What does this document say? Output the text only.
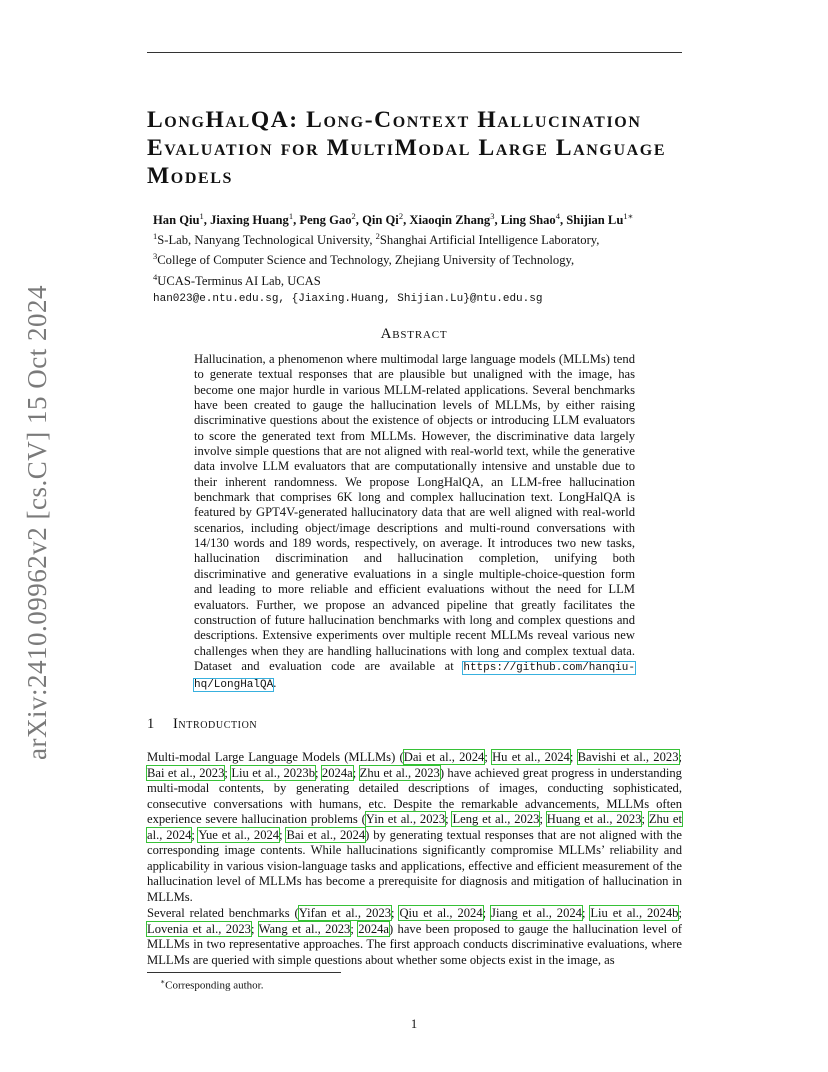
arXiv:2410.09962v2 [cs.CV] 15 Oct 2024
LongHalQA: Long-Context Hallucination Evaluation for MultiModal Large Language Models
Han Qiu$^1$, Jiaxing Huang$^1$, Peng Gao$^2$, Qin Qi$^2$, Xiaoqin Zhang$^3$, Ling Shao$^4$, Shijian $Lu^{1∗}$
$^1$S-Lab, Nanyang Technological University, $^2$Shanghai Artificial Intelligence Laboratory,
$^3$College of Computer Science and Technology, Zhejiang University of Technology,
$^4$UCAS-Terminus AI Lab, UCAS
han023@e.ntu.edu.sg, {Jiaxing.Huang, Shijian.Lu}@ntu.edu.sg
Abstract
Hallucination, a phenomenon where multimodal large language models (MLLMs) tend to generate textual responses that are plausible but unaligned with the image, has become one major hurdle in various MLLM-related applications. Several benchmarks have been created to gauge the hallucination levels of MLLMs, by either raising discriminative questions about the existence of objects or introducing LLM evaluators to score the generated text from MLLMs. However, the discriminative data largely involve simple questions that are not aligned with real-world text, while the generative data involve LLM evaluators that are computationally intensive and unstable due to their inherent randomness. We propose LongHalQA, an LLM-free hallucination benchmark that comprises 6K long and complex hallucination text. LongHalQA is featured by GPT4V-generated hallucinatory data that are well aligned with real-world scenarios, including object/image descriptions and multi-round conversations with 14/130 words and 189 words, respectively, on average. It introduces two new tasks, hallucination discrimination and hallucination completion, unifying both discriminative and generative evaluations in a single multiple-choice-question form and leading to more reliable and efficient evaluations without the need for LLM evaluators. Further, we propose an advanced pipeline that greatly facilitates the construction of future hallucination benchmarks with long and complex questions and descriptions. Extensive experiments over multiple recent MLLMs reveal various new challenges when they are handling hallucinations with long and complex textual data. Dataset and evaluation code are available at https://github.com/hanqiu-hq/LongHalQA.
1 Introduction

Multi-modal Large Language Models (MLLMs) (Dai et al., 2024; Hu et al., 2024; Bavishi et al., 2023; Bai et al., 2023; Liu et al., 2023b; 2024a; Zhu et al., 2023) have achieved great progress in understanding multi-modal contents, by generating detailed descriptions of images, conducting sophisticated, consecutive conversations with humans, etc. Despite the remarkable advancements, MLLMs often experience severe hallucination problems (Yin et al., 2023; Leng et al., 2023; Huang et al., 2023; Zhu et al., 2024; Yue et al., 2024; Bai et al., 2024) by generating textual responses that are not aligned with the corresponding image contents. While hallucinations significantly compromise MLLMs’ reliability and applicability in various vision-language tasks and applications, effective and efficient measurement of the hallucination level of MLLMs has become a prerequisite for diagnosis and mitigation of hallucination in MLLMs.

Several related benchmarks (Yifan et al., 2023; Qiu et al., 2024; Jiang et al., 2024; Liu et al., 2024b; Lovenia et al., 2023; Wang et al., 2023; 2024a) have been proposed to gauge the hallucination level of MLLMs in two representative approaches. The first approach conducts discriminative evaluations, where MLLMs are queried with simple questions about whether some objects exist in the image, as

∗Corresponding author.
1
